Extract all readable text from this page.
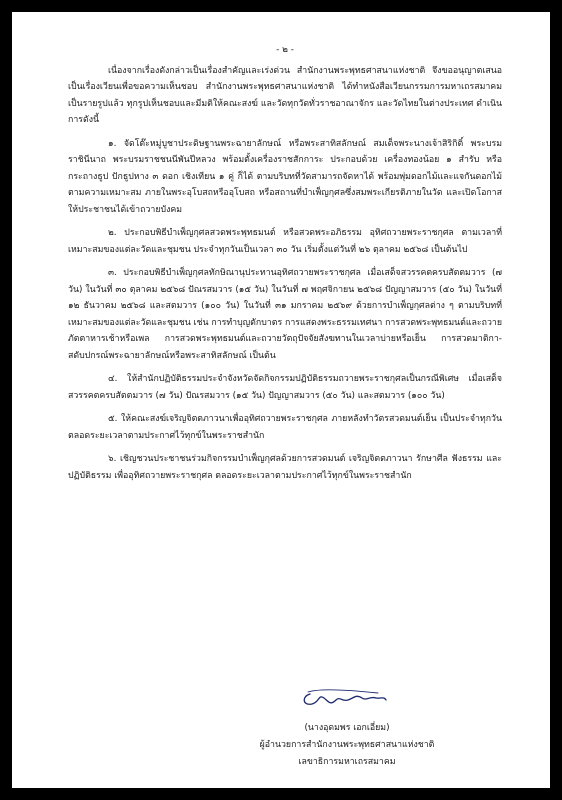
- ๒ -

เนื่องจากเรื่องดังกล่าวเป็นเรื่องสำคัญและเร่งด่วน สำนักงานพระพุทธศาสนาแห่งชาติ จึงขออนุญาตเสนอเป็นเรื่องเวียนเพื่อขอความเห็นชอบ สำนักงานพระพุทธศาสนาแห่งชาติ ได้ทำหนังสือเวียนกรรมการมหาเถรสมาคมเป็นรายรูปแล้ว ทุกรูปเห็นชอบและมีมติให้คณะสงฆ์ และวัดทุกวัดทั่วราชอาณาจักร และวัดไทยในต่างประเทศ ดำเนินการดังนี้

๑. จัดโต๊ะหมู่บูชาประดิษฐานพระฉายาลักษณ์ หรือพระสาทิสลักษณ์ สมเด็จพระนางเจ้าสิริกิติ์ พระบรมราชินีนาถ พระบรมราชชนนีพันปีหลวง พร้อมตั้งเครื่องราชสักการะ ประกอบด้วย เครื่องทองน้อย ๑ สำรับ หรือกระถางธูป ปักธูปหาง ๓ ดอก เชิงเทียน ๑ คู่ ก็ได้ ตามบริบทที่วัดสามารถจัดหาได้ พร้อมพุ่มดอกไม้และแจกันดอกไม้ตามความเหมาะสม ภายในพระอุโบสถหรืออุโบสถ หรือสถานที่บำเพ็ญกุศลซึ่งสมพระเกียรติภายในวัด และเปิดโอกาสให้ประชาชนได้เข้าถวายบังคม

๒. ประกอบพิธีบำเพ็ญกุศลสวดพระพุทธมนต์ หรือสวดพระอภิธรรม อุทิศถวายพระราชกุศล ตามเวลาที่เหมาะสมของแต่ละวัดและชุมชน ประจำทุกวันเป็นเวลา ๓๐ วัน เริ่มตั้งแต่วันที่ ๒๖ ตุลาคม ๒๕๖๘ เป็นต้นไป

๓. ประกอบพิธีบำเพ็ญกุศลทักษิณานุประทานอุทิศถวายพระราชกุศล เมื่อเสด็จสวรรคตครบสัตตมวาร (๗ วัน) ในวันที่ ๓๐ ตุลาคม ๒๕๖๘ ปัณรสมวาร (๑๕ วัน) ในวันที่ ๗ พฤศจิกายน ๒๕๖๘ ปัญญาสมวาร (๕๐ วัน) ในวันที่ ๑๒ ธันวาคม ๒๕๖๘ และสตมวาร (๑๐๐ วัน) ในวันที่ ๓๑ มกราคม ๒๕๖๙ ด้วยการบำเพ็ญกุศลต่าง ๆ ตามบริบทที่เหมาะสมของแต่ละวัดและชุมชน เช่น การทำบุญตักบาตร การแสดงพระธรรมเทศนา การสวดพระพุทธมนต์และถวายภัตตาหารเช้าหรือเพล การสวดพระพุทธมนต์และถวายวัตถุปัจจัยสังฆทานในเวลาบ่ายหรือเย็น การสวดมาติกา-สดับปกรณ์พระฉายาลักษณ์หรือพระสาทิสลักษณ์ เป็นต้น

๔. ให้สำนักปฏิบัติธรรมประจำจังหวัดจัดกิจกรรมปฏิบัติธรรมถวายพระราชกุศลเป็นกรณีพิเศษ เมื่อเสด็จสวรรคตครบสัตตมวาร (๗ วัน) ปัณรสมวาร (๑๕ วัน) ปัญญาสมวาร (๕๐ วัน) และสตมวาร (๑๐๐ วัน)

๕. ให้คณะสงฆ์เจริญจิตตภาวนาเพื่ออุทิศถวายพระราชกุศล ภายหลังทำวัตรสวดมนต์เย็น เป็นประจำทุกวัน ตลอดระยะเวลาตามประกาศไว้ทุกข์ในพระราชสำนัก

๖. เชิญชวนประชาชนร่วมกิจกรรมบำเพ็ญกุศลด้วยการสวดมนต์ เจริญจิตตภาวนา รักษาศีล ฟังธรรม และปฏิบัติธรรม เพื่ออุทิศถวายพระราชกุศล ตลอดระยะเวลาตามประกาศไว้ทุกข์ในพระราชสำนัก

(นางอุดมพร เอกเอี่ยม)
ผู้อำนวยการสำนักงานพระพุทธศาสนาแห่งชาติ
เลขาธิการมหาเถรสมาคม
